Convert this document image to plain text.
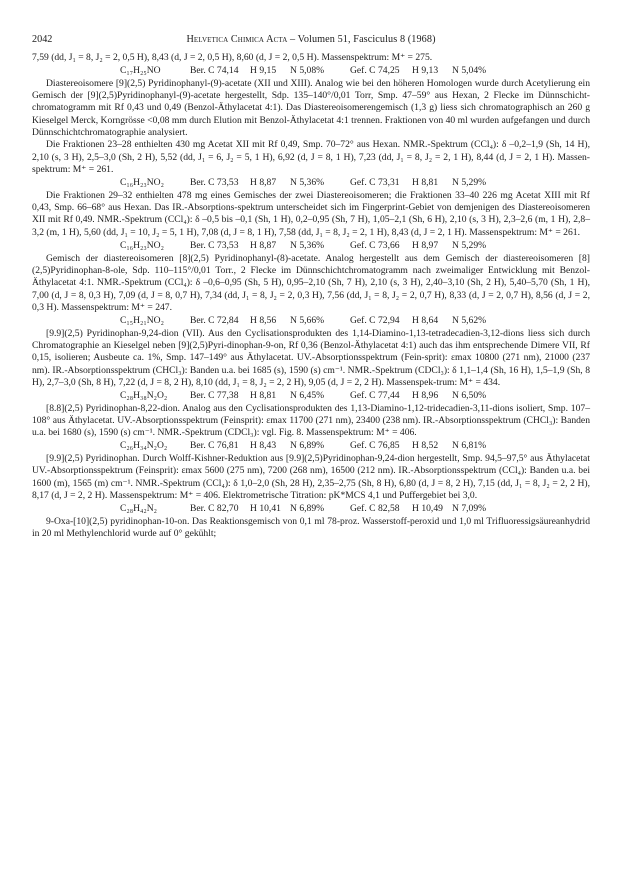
2042	Helvetica Chimica Acta – Volumen 51, Fasciculus 8 (1968)

7,59 (dd, J₁ = 8, J₂ = 2, 0,5 H), 8,43 (d, J = 2, 0,5 H), 8,60 (d, J = 2, 0,5 H). Massenspektrum: M⁺ = 275.

C₁₇H₂₅NO	Ber. C 74,14	H 9,15	N 5,08%	Gef. C 74,25	H 9,13	N 5,04%

Diastereoisomere [9](2,5) Pyridinophanyl-(9)-acetate (XII und XIII). Analog wie bei den höheren Homologen wurde durch Acetylierung ein Gemisch der [9](2,5)Pyridinophanyl-(9)-acetate hergestellt, Sdp. 135–140°/0,01 Torr, Smp. 47–59° aus Hexan, 2 Flecke im Dünnschicht-chromatogramm mit Rf 0,43 und 0,49 (Benzol-Äthylacetat 4:1). Das Diastereoisomerengemisch (1,3 g) liess sich chromatographisch an 260 g Kieselgel Merck, Korngrösse <0,08 mm durch Elution mit Benzol-Äthylacetat 4:1 trennen. Fraktionen von 40 ml wurden aufgefangen und durch Dünnschichtchromatographie analysiert.

Die Fraktionen 23–28 enthielten 430 mg Acetat XII mit Rf 0,49, Smp. 70–72° aus Hexan. NMR.-Spektrum (CCl₄): δ –0,2–1,9 (Sh, 14 H), 2,10 (s, 3 H), 2,5–3,0 (Sh, 2 H), 5,52 (dd, J₁ = 6, J₂ = 5, 1 H), 6,92 (d, J = 8, 1 H), 7,23 (dd, J₁ = 8, J₂ = 2, 1 H), 8,44 (d, J = 2, 1 H). Massen-spektrum: M⁺ = 261.

C₁₆H₂₃NO₂	Ber. C 73,53	H 8,87	N 5,36%	Gef. C 73,31	H 8,81	N 5,29%

Die Fraktionen 29–32 enthielten 478 mg eines Gemisches der zwei Diastereoisomeren; die Fraktionen 33–40 226 mg Acetat XIII mit Rf 0,43, Smp. 66–68° aus Hexan. Das IR.-Absorptions-spektrum unterscheidet sich im Fingerprint-Gebiet von demjenigen des Diastereoisomeren XII mit Rf 0,49. NMR.-Spektrum (CCl₄): δ –0,5 bis –0,1 (Sh, 1 H), 0,2–0,95 (Sh, 7 H), 1,05–2,1 (Sh, 6 H), 2,10 (s, 3 H), 2,3–2,6 (m, 1 H), 2,8–3,2 (m, 1 H), 5,60 (dd, J₁ = 10, J₂ = 5, 1 H), 7,08 (d, J = 8, 1 H), 7,58 (dd, J₁ = 8, J₂ = 2, 1 H), 8,43 (d, J = 2, 1 H). Massenspektrum: M⁺ = 261.

C₁₆H₂₃NO₂	Ber. C 73,53	H 8,87	N 5,36%	Gef. C 73,66	H 8,97	N 5,29%

Gemisch der diastereoisomeren [8](2,5) Pyridinophanyl-(8)-acetate. Analog hergestellt aus dem Gemisch der diastereoisomeren [8](2,5)Pyridinophan-8-ole, Sdp. 110–115°/0,01 Torr., 2 Flecke im Dünnschichtchromatogramm nach zweimaliger Entwicklung mit Benzol-Äthylacetat 4:1. NMR.-Spektrum (CCl₄): δ –0,6–0,95 (Sh, 5 H), 0,95–2,10 (Sh, 7 H), 2,10 (s, 3 H), 2,40–3,10 (Sh, 2 H), 5,40–5,70 (Sh, 1 H), 7,00 (d, J = 8, 0,3 H), 7,09 (d, J = 8, 0,7 H), 7,34 (dd, J₁ = 8, J₂ = 2, 0,3 H), 7,56 (dd, J₁ = 8, J₂ = 2, 0,7 H), 8,33 (d, J = 2, 0,7 H), 8,56 (d, J = 2, 0,3 H). Massenspektrum: M⁺ = 247.

C₁₅H₂₁NO₂	Ber. C 72,84	H 8,56	N 5,66%	Gef. C 72,94	H 8,64	N 5,62%

[9.9](2,5) Pyridinophan-9,24-dion (VII). Aus den Cyclisationsprodukten des 1,14-Diamino-1,13-tetradecadien-3,12-dions liess sich durch Chromatographie an Kieselgel neben [9](2,5)Pyri-dinophan-9-on, Rf 0,36 (Benzol-Äthylacetat 4:1) auch das ihm entsprechende Dimere VII, Rf 0,15, isolieren; Ausbeute ca. 1%, Smp. 147–149° aus Äthylacetat. UV.-Absorptionsspektrum (Fein-sprit): εmax 10800 (271 nm), 21000 (237 nm). IR.-Absorptionsspektrum (CHCl₃): Banden u.a. bei 1685 (s), 1590 (s) cm⁻¹. NMR.-Spektrum (CDCl₃): δ 1,1–1,4 (Sh, 16 H), 1,5–1,9 (Sh, 8 H), 2,7–3,0 (Sh, 8 H), 7,22 (d, J = 8, 2 H), 8,10 (dd, J₁ = 8, J₂ = 2, 2 H), 9,05 (d, J = 2, 2 H). Massenspek-trum: M⁺ = 434.

C₂₈H₃₈N₂O₂	Ber. C 77,38	H 8,81	N 6,45%	Gef. C 77,44	H 8,96	N 6,50%

[8.8](2,5) Pyridinophan-8,22-dion. Analog aus den Cyclisationsprodukten des 1,13-Diamino-1,12-tridecadien-3,11-dions isoliert, Smp. 107–108° aus Äthylacetat. UV.-Absorptionsspektrum (Feinsprit): εmax 11700 (271 nm), 23400 (238 nm). IR.-Absorptionsspektrum (CHCl₃): Banden u.a. bei 1680 (s), 1590 (s) cm⁻¹. NMR.-Spektrum (CDCl₃): vgl. Fig. 8. Massenspektrum: M⁺ = 406.

C₂₆H₃₄N₂O₂	Ber. C 76,81	H 8,43	N 6,89%	Gef. C 76,85	H 8,52	N 6,81%

[9.9](2,5) Pyridinophan. Durch Wolff-Kishner-Reduktion aus [9.9](2,5)Pyridinophan-9,24-dion hergestellt, Smp. 94,5–97,5° aus Äthylacetat UV.-Absorptionsspektrum (Feinsprit): εmax 5600 (275 nm), 7200 (268 nm), 16500 (212 nm). IR.-Absorptionsspektrum (CCl₄): Banden u.a. bei 1600 (m), 1565 (m) cm⁻¹. NMR.-Spektrum (CCl₄): δ 1,0–2,0 (Sh, 28 H), 2,35–2,75 (Sh, 8 H), 6,80 (d, J = 8, 2 H), 7,15 (dd, J₁ = 8, J₂ = 2, 2 H), 8,17 (d, J = 2, 2 H). Massenspektrum: M⁺ = 406. Elektrometrische Titration: pK*MCS 4,1 und Puffergebiet bei 3,0.

C₂₈H₄₂N₂	Ber. C 82,70	H 10,41 N 6,89%	Gef. C 82,58	H 10,49 N 7,09%

9-Oxa-[10](2,5) pyridinophan-10-on. Das Reaktionsgemisch von 0,1 ml 78-proz. Wasserstoff-peroxid und 1,0 ml Trifluoressigsäureanhydrid in 20 ml Methylenchlorid wurde auf 0° gekühlt;
